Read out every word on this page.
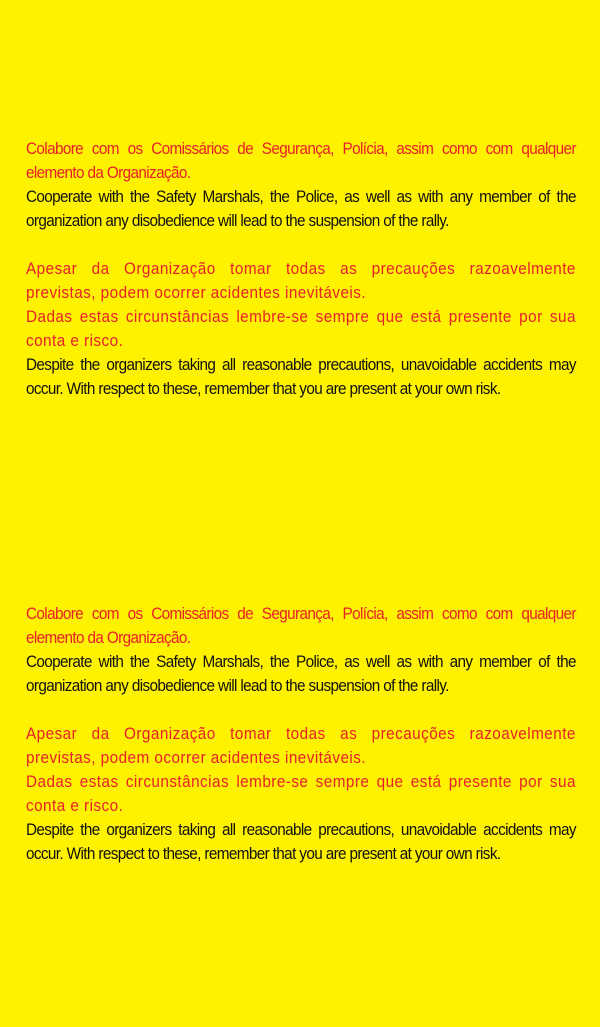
Colabore com os Comissários de Segurança, Polícia, assim como com qualquer elemento da Organização.

Cooperate with the Safety Marshals, the Police, as well as with any member of the organization any disobedience will lead to the suspension of the rally.

Apesar da Organização tomar todas as precauções razoavelmente previstas, podem ocorrer acidentes inevitáveis.

Dadas estas circunstâncias lembre-se sempre que está presente por sua conta e risco.

Despite the organizers taking all reasonable precautions, unavoidable accidents may occur. With respect to these, remember that you are present at your own risk.

Colabore com os Comissários de Segurança, Polícia, assim como com qualquer elemento da Organização.

Cooperate with the Safety Marshals, the Police, as well as with any member of the organization any disobedience will lead to the suspension of the rally.

Apesar da Organização tomar todas as precauções razoavelmente previstas, podem ocorrer acidentes inevitáveis.

Dadas estas circunstâncias lembre-se sempre que está presente por sua conta e risco.

Despite the organizers taking all reasonable precautions, unavoidable accidents may occur. With respect to these, remember that you are present at your own risk.
